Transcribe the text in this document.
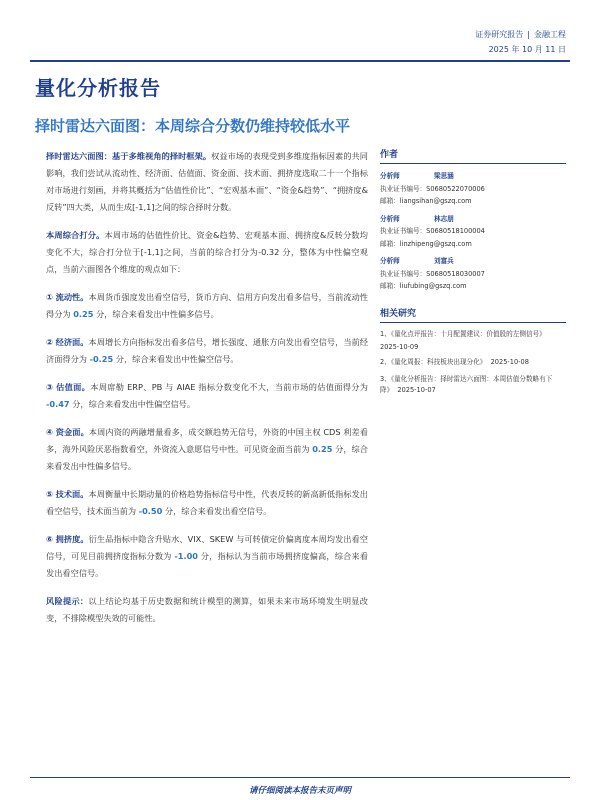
证券研究报告 | 金融工程
2025 年 10 月 11 日
量化分析报告
择时雷达六面图：本周综合分数仍维持较低水平

择时雷达六面图：基于多维视角的择时框架。权益市场的表现受到多维度指标因素的共同影响，我们尝试从流动性、经济面、估值面、资金面、技术面、拥挤度选取二十一个指标对市场进行刻画，并将其概括为“估值性价比”、“宏观基本面”、“资金&趋势”、“拥挤度&反转”四大类，从而生成[-1,1]之间的综合择时分数。

本周综合打分。本周市场的估值性价比、资金&趋势、宏观基本面、拥挤度&反转分数均变化不大，综合打分位于[-1,1]之间，当前的综合打分为-0.32 分，整体为中性偏空观点，当前六面图各个维度的观点如下：

① 流动性。本周货币强度发出看空信号，货币方向、信用方向发出看多信号，当前流动性得分为 0.25 分，综合来看发出中性偏多信号。

② 经济面。本周增长方向指标发出看多信号，增长强度、通胀方向发出看空信号，当前经济面得分为 -0.25 分，综合来看发出中性偏空信号。

③ 估值面。本周席勒 ERP、PB 与 AIAE 指标分数变化不大，当前市场的估值面得分为 -0.47 分，综合来看发出中性偏空信号。

④ 资金面。本周内资的两融增量看多，成交额趋势无信号，外资的中国主权 CDS 利差看多，海外风险厌恶指数看空，外资流入意愿信号中性。可见资金面当前为 0.25 分，综合来看发出中性偏多信号。

⑤ 技术面。本周衡量中长期动量的价格趋势指标信号中性，代表反转的新高新低指标发出看空信号，技术面当前为 -0.50 分，综合来看发出看空信号。

⑥ 拥挤度。衍生品指标中隐含升贴水、VIX、SKEW 与可转债定价偏离度本周均发出看空信号，可见目前拥挤度指标分数为 -1.00 分，指标认为当前市场拥挤度偏高，综合来看发出看空信号。

风险提示：以上结论均基于历史数据和统计模型的测算，如果未来市场环境发生明显改变，不排除模型失效的可能性。

作者
分析师	梁思涵
执业证书编号：S0680522070006
邮箱：liangsihan@gszq.com
分析师	林志朋
执业证书编号：S0680518100004
邮箱：linzhipeng@gszq.com
分析师	刘富兵
执业证书编号：S0680518030007
邮箱：liufubing@gszq.com
相关研究
1、《量化点评报告：十月配置建议：价值股的左侧信号》
2025-10-09
2、《量化周报：科技板块出现分化》 2025-10-08
3、《量化分析报告：择时雷达六面图：本周估值分数略有下降》 2025-10-07
请仔细阅读本报告末页声明
